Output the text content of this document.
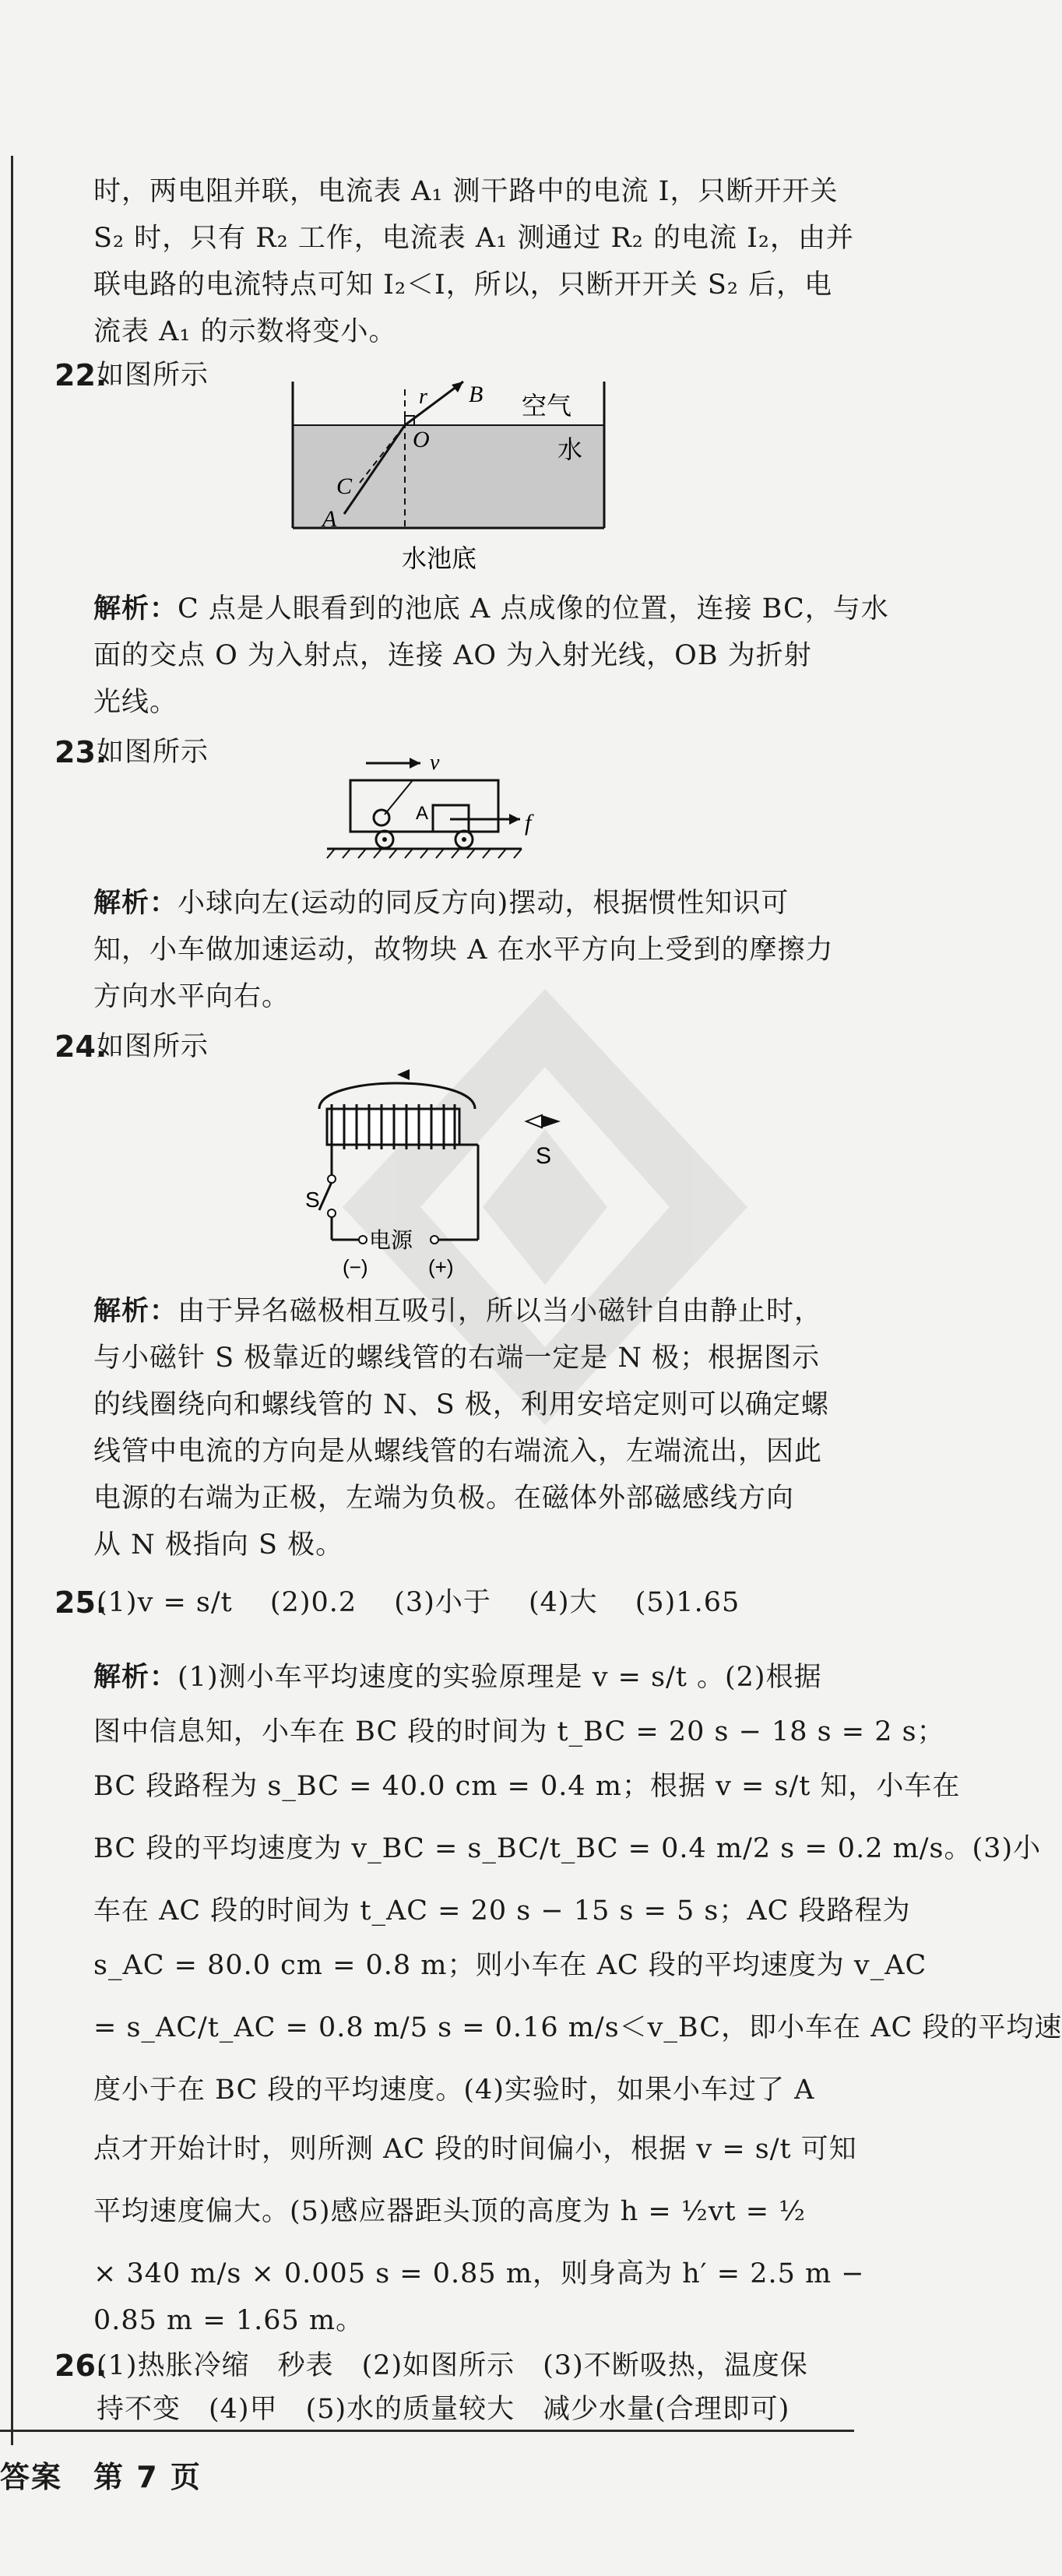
时，两电阻并联，电流表 A₁ 测干路中的电流 I，只断开开关
S₂ 时，只有 R₂ 工作，电流表 A₁ 测通过 R₂ 的电流 I₂，由并
联电路的电流特点可知 I₂＜I，所以，只断开开关 S₂ 后，电
流表 A₁ 的示数将变小。
22.
如图所示
O
r B
C
A
空气
水
水池底
解析：C 点是人眼看到的池底 A 点成像的位置，连接 BC，与水
面的交点 O 为入射点，连接 AO 为入射光线，OB 为折射
光线。
23.
如图所示	v
A	f
解析：小球向左(运动的同反方向)摆动，根据惯性知识可
知，小车做加速运动，故物块 A 在水平方向上受到的摩擦力
方向水平向右。
24.
如图所示
S
电源
(−)	(+)
S
解析：由于异名磁极相互吸引，所以当小磁针自由静止时，
与小磁针 S 极靠近的螺线管的右端一定是 N 极；根据图示
的线圈绕向和螺线管的 N、S 极，利用安培定则可以确定螺
线管中电流的方向是从螺线管的右端流入，左端流出，因此
电源的右端为正极，左端为负极。在磁体外部磁感线方向
从 N 极指向 S 极。
25.
(1)v = s/t　 (2)0.2　 (3)小于　 (4)大　 (5)1.65
解析：(1)测小车平均速度的实验原理是 v = s/t 。(2)根据
图中信息知，小车在 BC 段的时间为 t_BC = 20 s − 18 s = 2 s；
BC 段路程为 s_BC = 40.0 cm = 0.4 m；根据 v = s/t 知，小车在
BC 段的平均速度为 v_BC = s_BC/t_BC = 0.4 m/2 s = 0.2 m/s。(3)小
车在 AC 段的时间为 t_AC = 20 s − 15 s = 5 s；AC 段路程为
s_AC = 80.0 cm = 0.8 m；则小车在 AC 段的平均速度为 v_AC
= s_AC/t_AC = 0.8 m/5 s = 0.16 m/s＜v_BC，即小车在 AC 段的平均速
度小于在 BC 段的平均速度。(4)实验时，如果小车过了 A
点才开始计时，则所测 AC 段的时间偏小，根据 v = s/t 可知
平均速度偏大。(5)感应器距头顶的高度为 h = ½vt = ½
× 340 m/s × 0.005 s = 0.85 m，则身高为 h′ = 2.5 m −
0.85 m = 1.65 m。
26.
(1)热胀冷缩　秒表　(2)如图所示　(3)不断吸热，温度保
持不变　(4)甲　(5)水的质量较大　减少水量(合理即可)
答案　第 7 页
